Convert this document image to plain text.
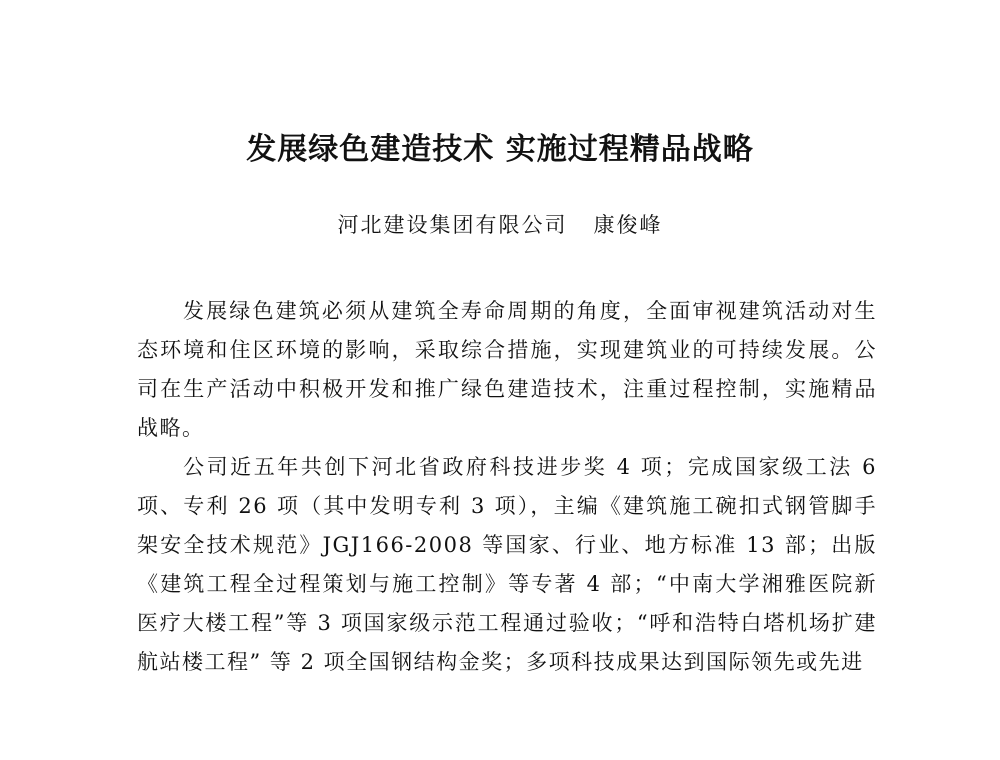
发展绿色建造技术 实施过程精品战略

河北建设集团有限公司 康俊峰

发展绿色建筑必须从建筑全寿命周期的角度，全面审视建筑活动对生态环境和住区环境的影响，采取综合措施，实现建筑业的可持续发展。公司在生产活动中积极开发和推广绿色建造技术，注重过程控制，实施精品战略。

公司近五年共创下河北省政府科技进步奖 4 项；完成国家级工法 6 项、专利 26 项（其中发明专利 3 项），主编《建筑施工碗扣式钢管脚手架安全技术规范》JGJ166-2008 等国家、行业、地方标准 13 部；出版《建筑工程全过程策划与施工控制》等专著 4 部；“中南大学湘雅医院新医疗大楼工程”等 3 项国家级示范工程通过验收；“呼和浩特白塔机场扩建航站楼工程” 等 2 项全国钢结构金奖；多项科技成果达到国际领先或先进
